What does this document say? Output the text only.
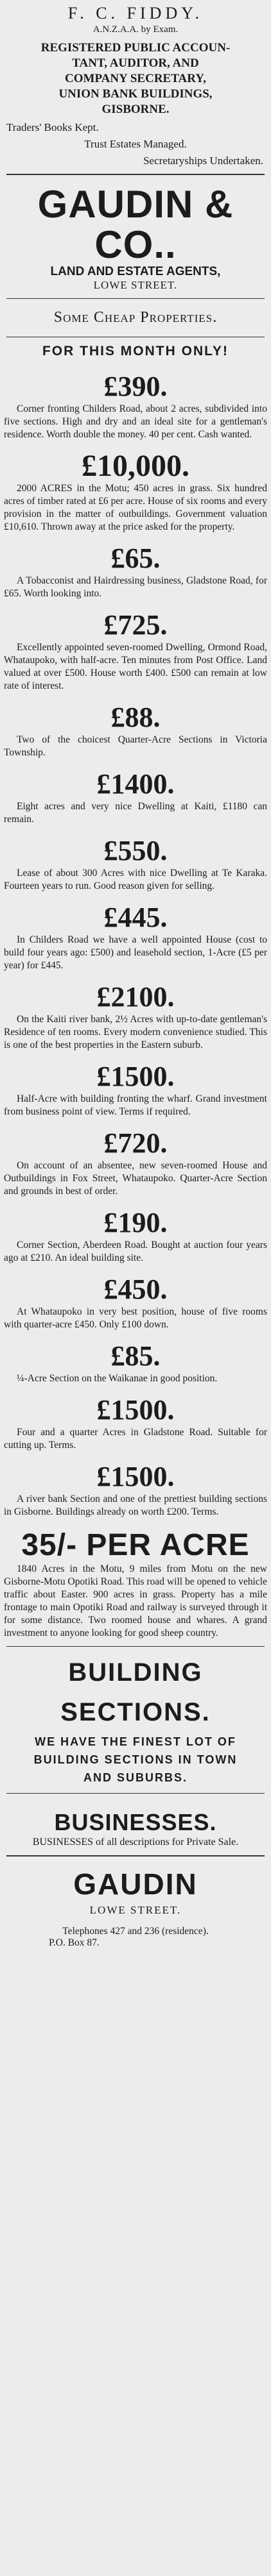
F. C. FIDDY.
A.N.Z.A.A. by Exam.
REGISTERED PUBLIC ACCOUN-
TANT, AUDITOR, AND
COMPANY SECRETARY,
UNION BANK BUILDINGS,
GISBORNE.
Traders' Books Kept.
Trust Estates Managed.
Secretaryships Undertaken.
GAUDIN & CO..
LAND AND ESTATE AGENTS,
LOWE STREET.
Some Cheap Properties.
FOR THIS MONTH ONLY!
£390.
Corner fronting Childers Road, about 2 acres, subdivided into five sections. High and dry and an ideal site for a gentleman's residence. Worth double the money. 40 per cent. Cash wanted.
£10,000.
2000 ACRES in the Motu; 450 acres in grass. Six hundred acres of timber rated at £6 per acre. House of six rooms and every provision in the matter of outbuildings. Government valuation £10,610. Thrown away at the price asked for the property.
£65.
A Tobacconist and Hairdressing business, Gladstone Road, for £65. Worth looking into.
£725.
Excellently appointed seven-roomed Dwelling, Ormond Road, Whataupoko, with half-acre. Ten minutes from Post Office. Land valued at over £500. House worth £400. £500 can remain at low rate of interest.
£88.
Two of the choicest Quarter-Acre Sections in Victoria Township.
£1400.
Eight acres and very nice Dwelling at Kaiti, £1180 can remain.
£550.
Lease of about 300 Acres with nice Dwelling at Te Karaka. Fourteen years to run. Good reason given for selling.
£445.
In Childers Road we have a well appointed House (cost to build four years ago: £500) and leasehold section, 1-Acre (£5 per year) for £445.
£2100.
On the Kaiti river bank, 2½ Acres with up-to-date gentleman's Residence of ten rooms. Every modern convenience studied. This is one of the best properties in the Eastern suburb.
£1500.
Half-Acre with building fronting the wharf. Grand investment from business point of view. Terms if required.
£720.
On account of an absentee, new seven-roomed House and Outbuildings in Fox Street, Whataupoko. Quarter-Acre Section and grounds in best of order.
£190.
Corner Section, Aberdeen Road. Bought at auction four years ago at £210. An ideal building site.
£450.
At Whataupoko in very best position, house of five rooms with quarter-acre £450. Only £100 down.
£85.
¼-Acre Section on the Waikanae in good position.
£1500.
Four and a quarter Acres in Gladstone Road. Suitable for cutting up. Terms.
£1500.
A river bank Section and one of the prettiest building sections in Gisborne. Buildings already on worth £200. Terms.
35/- PER ACRE
1840 Acres in the Motu, 9 miles from Motu on the new Gisborne-Motu Opotiki Road. This road will be opened to vehicle traffic about Easter. 900 acres in grass. Property has a mile frontage to main Opotiki Road and railway is surveyed through it for some distance. Two roomed house and whares. A grand investment to anyone looking for good sheep country.
BUILDING
SECTIONS.
WE HAVE THE FINEST LOT OF
BUILDING SECTIONS IN TOWN
AND SUBURBS.
BUSINESSES.
BUSINESSES of all descriptions for Private Sale.
GAUDIN
LOWE STREET.
Telephones 427 and 236 (residence).
P.O. Box 87.
